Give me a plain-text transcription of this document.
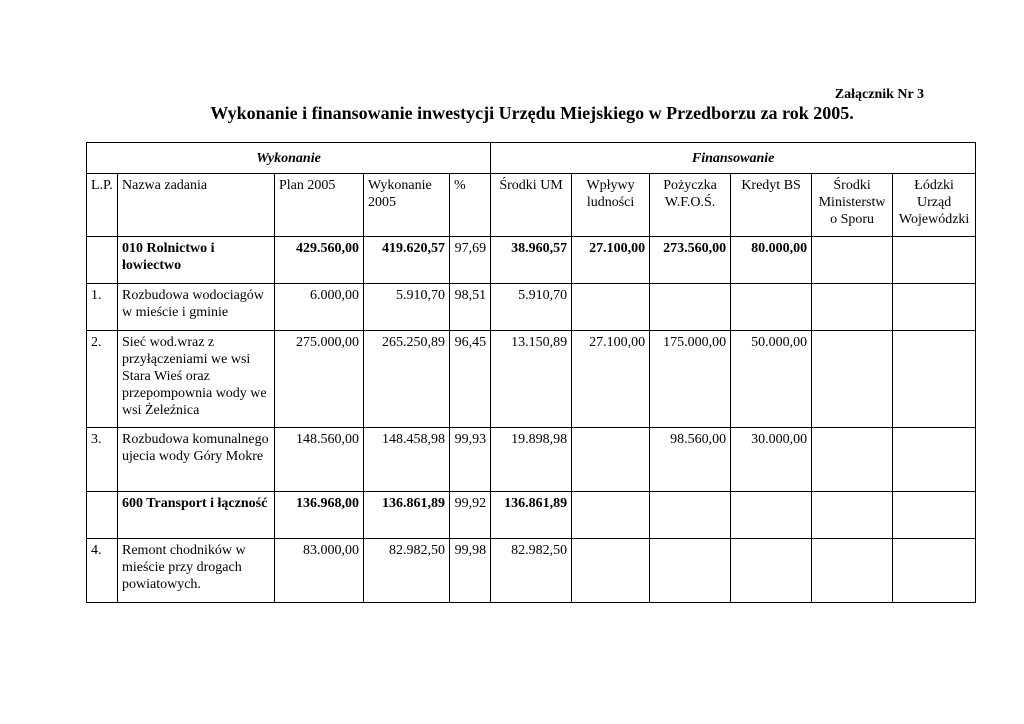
Załącznik Nr 3

Wykonanie i finansowanie inwestycji Urzędu Miejskiego w Przedborzu za rok 2005.
Wykonanie					Finansowanie					
L.P.	Nazwa zadania	Plan 2005	Wykonanie 2005	%	Środki UM	Wpływy ludności	Pożyczka W.F.O.Ś.	Kredyt BS	Środki Ministerstw o Sporu	Łódzki Urząd Wojewódzki
	010 Rolnictwo i łowiectwo	429.560,00	419.620,57	97,69	38.960,57	27.100,00	273.560,00	80.000,00		
1.	Rozbudowa wodociagów w mieście i gminie	6.000,00	5.910,70	98,51	5.910,70					
2.	Sieć wod.wraz z przyłączeniami we wsi Stara Wieś oraz przepompownia wody we wsi Żeleźnica	275.000,00	265.250,89	96,45	13.150,89	27.100,00	175.000,00	50.000,00		
3.	Rozbudowa komunalnego ujecia wody Góry Mokre	148.560,00	148.458,98	99,93	19.898,98		98.560,00	30.000,00		
	600 Transport i łączność	136.968,00	136.861,89	99,92	136.861,89					
4.	Remont chodników w mieście przy drogach powiatowych.	83.000,00	82.982,50	99,98	82.982,50					
